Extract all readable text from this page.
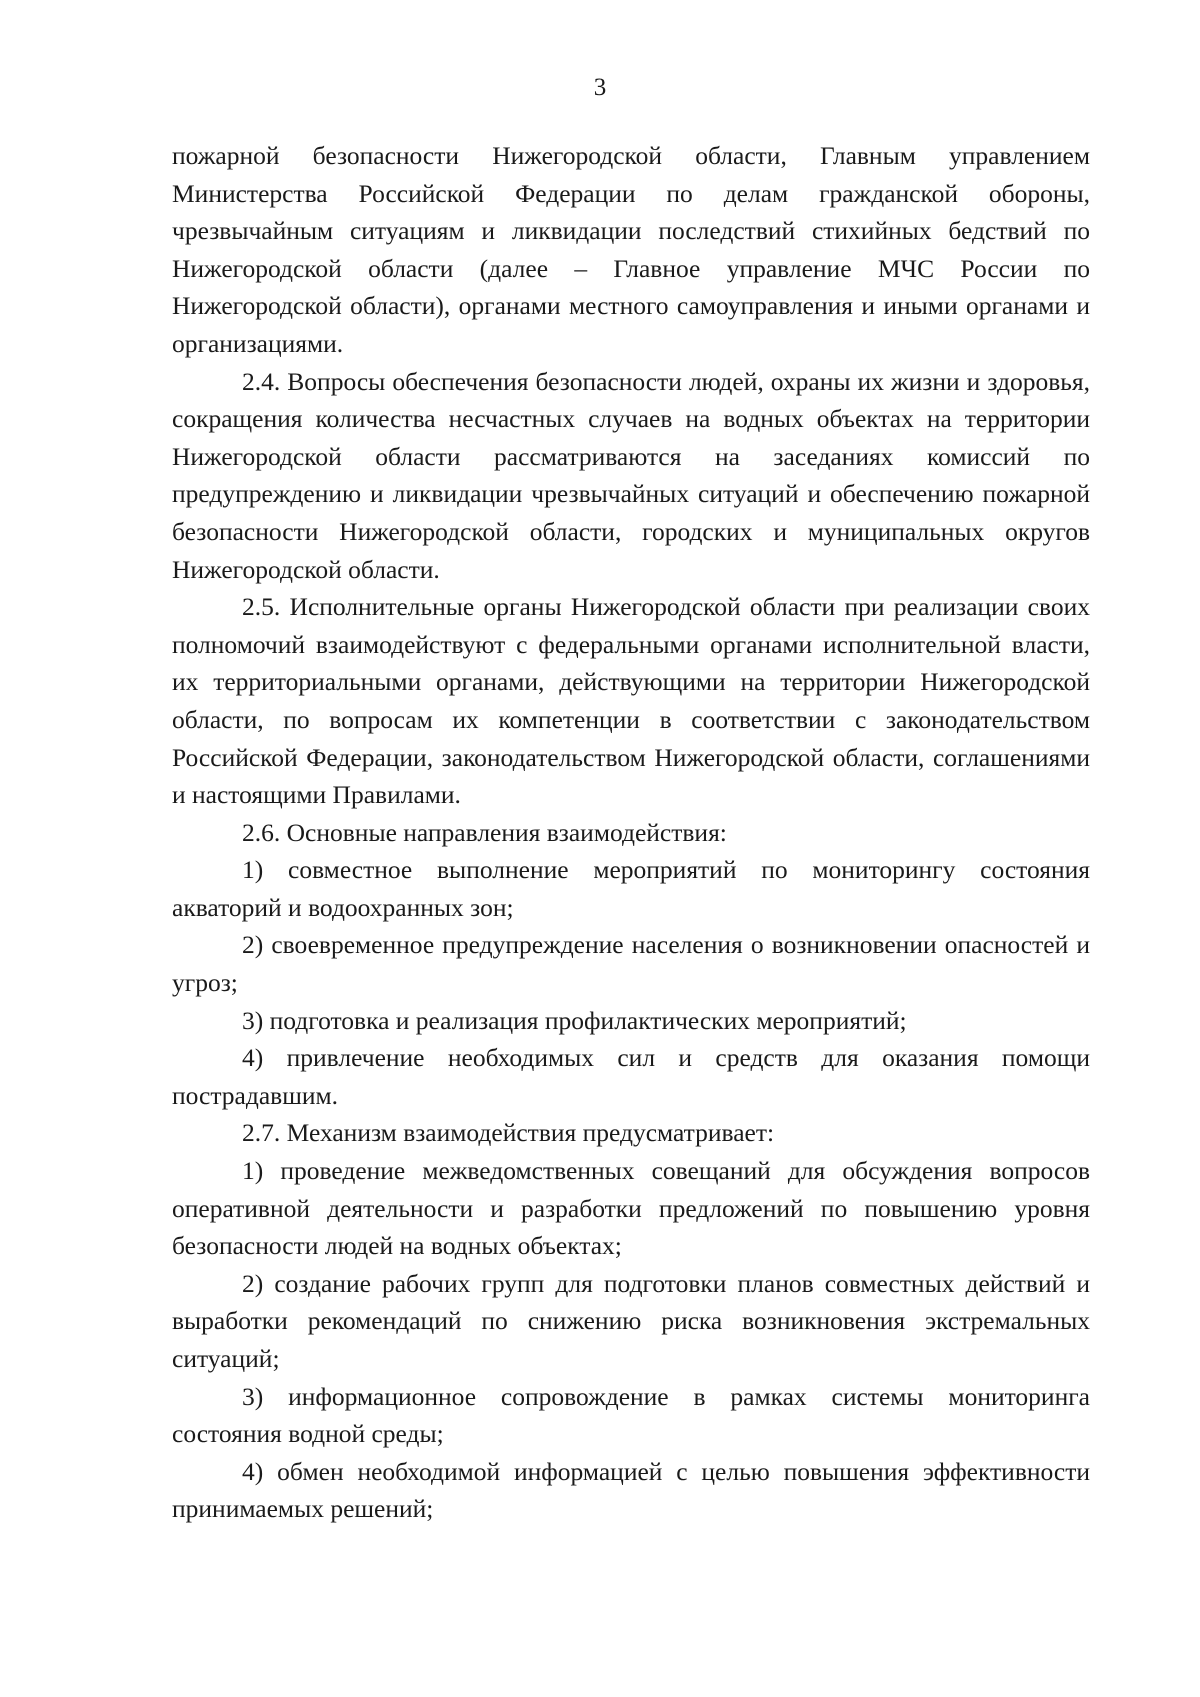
3

пожарной безопасности Нижегородской области, Главным управлением Министерства Российской Федерации по делам гражданской обороны, чрезвычайным ситуациям и ликвидации последствий стихийных бедствий по Нижегородской области (далее – Главное управление МЧС России по Нижегородской области), органами местного самоуправления и иными органами и организациями.

2.4. Вопросы обеспечения безопасности людей, охраны их жизни и здоровья, сокращения количества несчастных случаев на водных объектах на территории Нижегородской области рассматриваются на заседаниях комиссий по предупреждению и ликвидации чрезвычайных ситуаций и обеспечению пожарной безопасности Нижегородской области, городских и муниципальных округов Нижегородской области.

2.5. Исполнительные органы Нижегородской области при реализации своих полномочий взаимодействуют с федеральными органами исполнительной власти, их территориальными органами, действующими на территории Нижегородской области, по вопросам их компетенции в соответствии с законодательством Российской Федерации, законодательством Нижегородской области, соглашениями и настоящими Правилами.

2.6. Основные направления взаимодействия:

1) совместное выполнение мероприятий по мониторингу состояния акваторий и водоохранных зон;

2) своевременное предупреждение населения о возникновении опасностей и угроз;

3) подготовка и реализация профилактических мероприятий;

4) привлечение необходимых сил и средств для оказания помощи пострадавшим.

2.7. Механизм взаимодействия предусматривает:

1) проведение межведомственных совещаний для обсуждения вопросов оперативной деятельности и разработки предложений по повышению уровня безопасности людей на водных объектах;

2) создание рабочих групп для подготовки планов совместных действий и выработки рекомендаций по снижению риска возникновения экстремальных ситуаций;

3) информационное сопровождение в рамках системы мониторинга состояния водной среды;

4) обмен необходимой информацией с целью повышения эффективности принимаемых решений;
